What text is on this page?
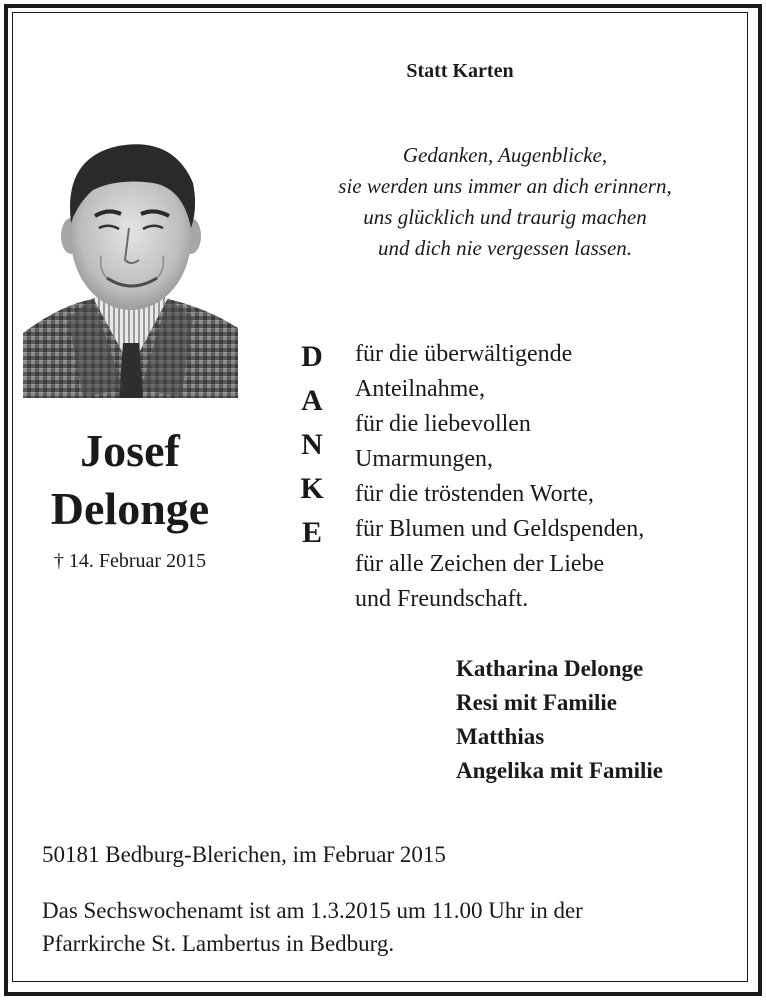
Statt Karten
Gedanken, Augenblicke,
sie werden uns immer an dich erinnern,
uns glücklich und traurig machen
und dich nie vergessen lassen.
Josef
Delonge
† 14. Februar 2015
D
A
N
K
E
für die überwältigende
Anteilnahme,
für die liebevollen
Umarmungen,
für die tröstenden Worte,
für Blumen und Geldspenden,
für alle Zeichen der Liebe
und Freundschaft.
Katharina Delonge
Resi mit Familie
Matthias
Angelika mit Familie
50181 Bedburg-Blerichen, im Februar 2015
Das Sechswochenamt ist am 1.3.2015 um 11.00 Uhr in der
Pfarrkirche St. Lambertus in Bedburg.
